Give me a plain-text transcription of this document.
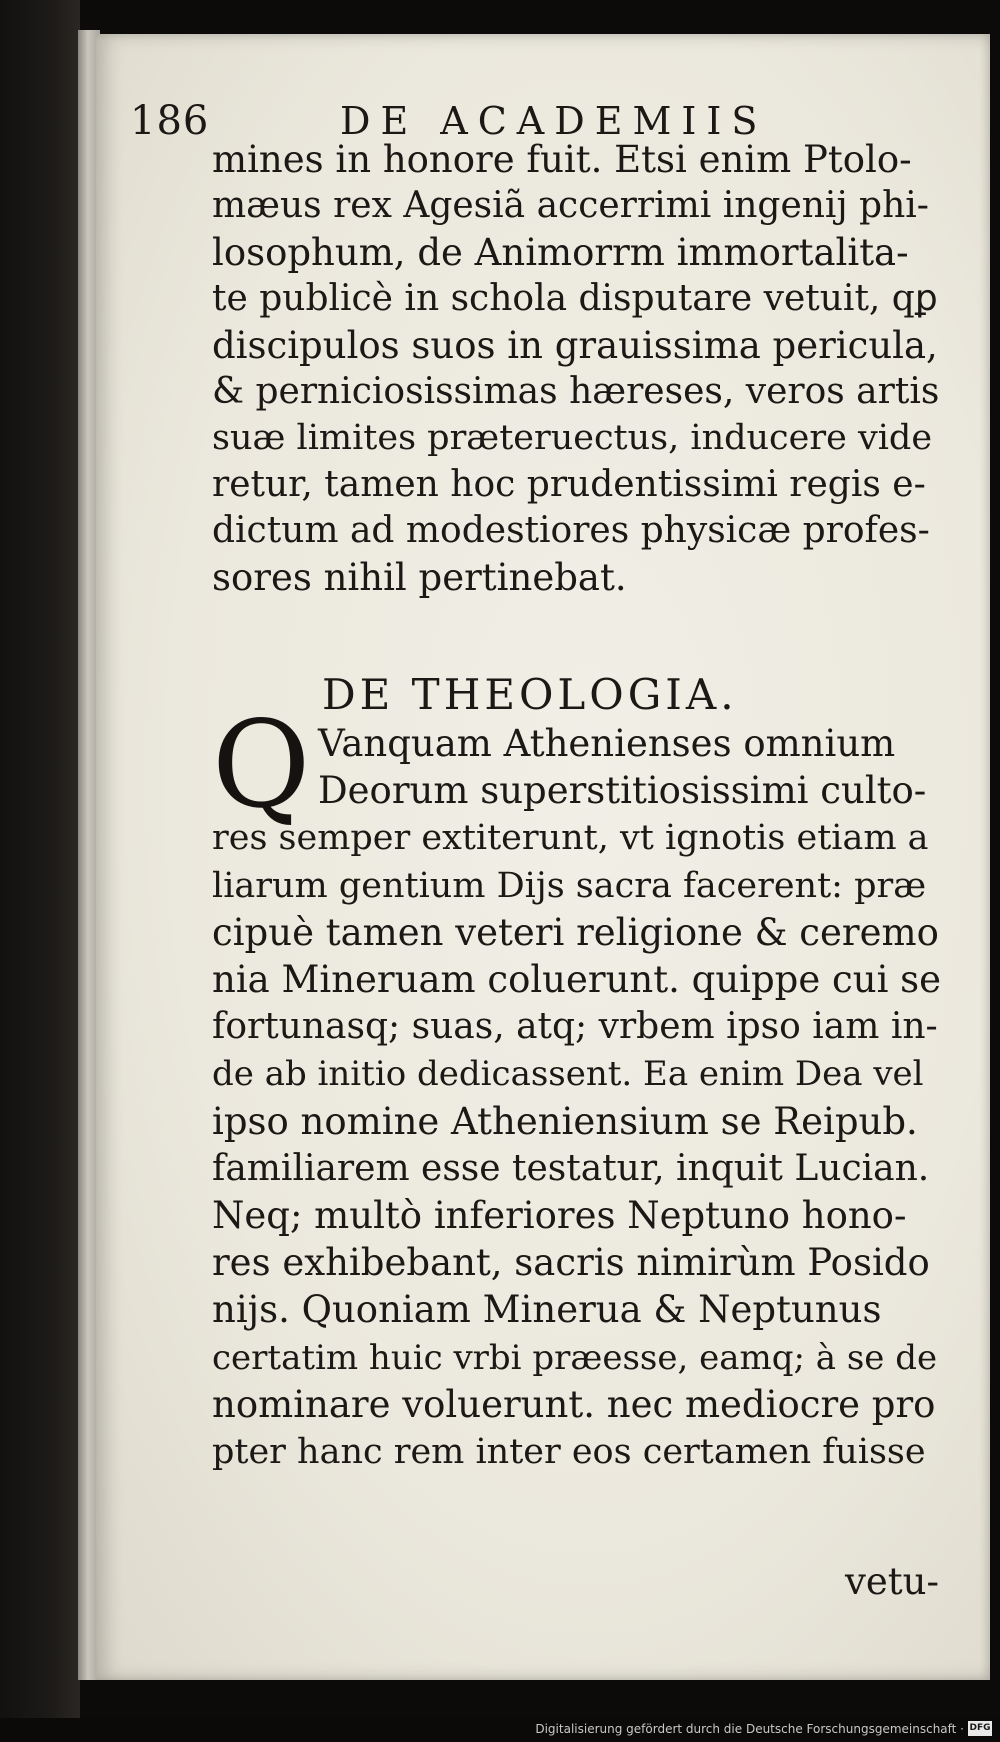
186	DE ACADEMIIS
mines in honore fuit. Etsi enim Ptolo-
mæus rex Agesiã accerrimi ingenij phi-
losophum, de Animorrm immortalita-
te publicè in schola disputare vetuit, qꝑ
discipulos suos in grauissima pericula,
& perniciosissimas hæreses, veros artis
suæ limites præteruectus, inducere vide
retur, tamen hoc prudentissimi regis e-
dictum ad modestiores physicæ profes-
sores nihil pertinebat.
DE THEOLOGIA.
Q Vanquam Athenienses omnium
Deorum superstitiosissimi culto-
res semper extiterunt, vt ignotis etiam a
liarum gentium Dijs sacra facerent: præ
cipuè tamen veteri religione & ceremo
nia Mineruam coluerunt. quippe cui se
fortunasq; suas, atq; vrbem ipso iam in-
de ab initio dedicassent. Ea enim Dea vel
ipso nomine Atheniensium se Reipub.
familiarem esse testatur, inquit Lucian.
Neq; multò inferiores Neptuno hono-
res exhibebant, sacris nimirùm Posido
nijs. Quoniam Minerua & Neptunus
certatim huic vrbi præesse, eamq; à se de
nominare voluerunt. nec mediocre pro
pter hanc rem inter eos certamen fuisse
vetu-
Digitalisierung gefördert durch die Deutsche Forschungsgemeinschaft · DFG
